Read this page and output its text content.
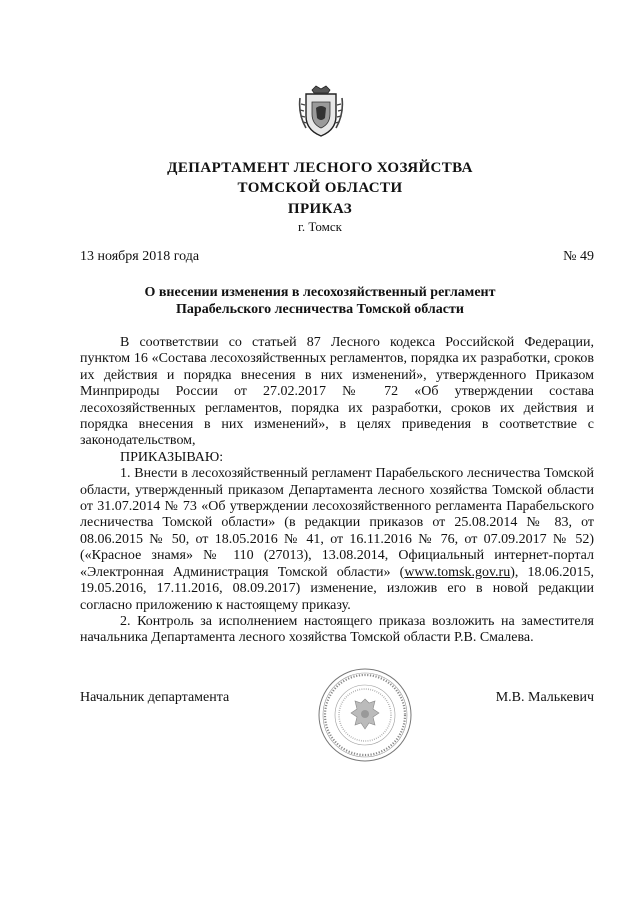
ДЕПАРТАМЕНТ ЛЕСНОГО ХОЗЯЙСТВА
ТОМСКОЙ ОБЛАСТИ
ПРИКАЗ
г. Томск
13 ноября 2018 года	№ 49
О внесении изменения в лесохозяйственный регламент
Парабельского лесничества Томской области

В соответствии со статьей 87 Лесного кодекса Российской Федерации, пунктом 16 «Состава лесохозяйственных регламентов, порядка их разработки, сроков их действия и порядка внесения в них изменений», утвержденного Приказом Минприроды России от 27.02.2017 № 72 «Об утверждении состава лесохозяйственных регламентов, порядка их разработки, сроков их действия и порядка внесения в них изменений», в целях приведения в соответствие с законодательством,

ПРИКАЗЫВАЮ:

1. Внести в лесохозяйственный регламент Парабельского лесничества Томской области, утвержденный приказом Департамента лесного хозяйства Томской области от 31.07.2014 № 73 «Об утверждении лесохозяйственного регламента Парабельского лесничества Томской области» (в редакции приказов от 25.08.2014 № 83, от 08.06.2015 № 50, от 18.05.2016 № 41, от 16.11.2016 № 76, от 07.09.2017 № 52) («Красное знамя» № 110 (27013), 13.08.2014, Официальный интернет-портал «Электронная Администрация Томской области» (www.tomsk.gov.ru), 18.06.2015, 19.05.2016, 17.11.2016, 08.09.2017) изменение, изложив его в новой редакции согласно приложению к настоящему приказу.

2. Контроль за исполнением настоящего приказа возложить на заместителя начальника Департамента лесного хозяйства Томской области Р.В. Смалева.

Начальник департамента	М.В. Малькевич
